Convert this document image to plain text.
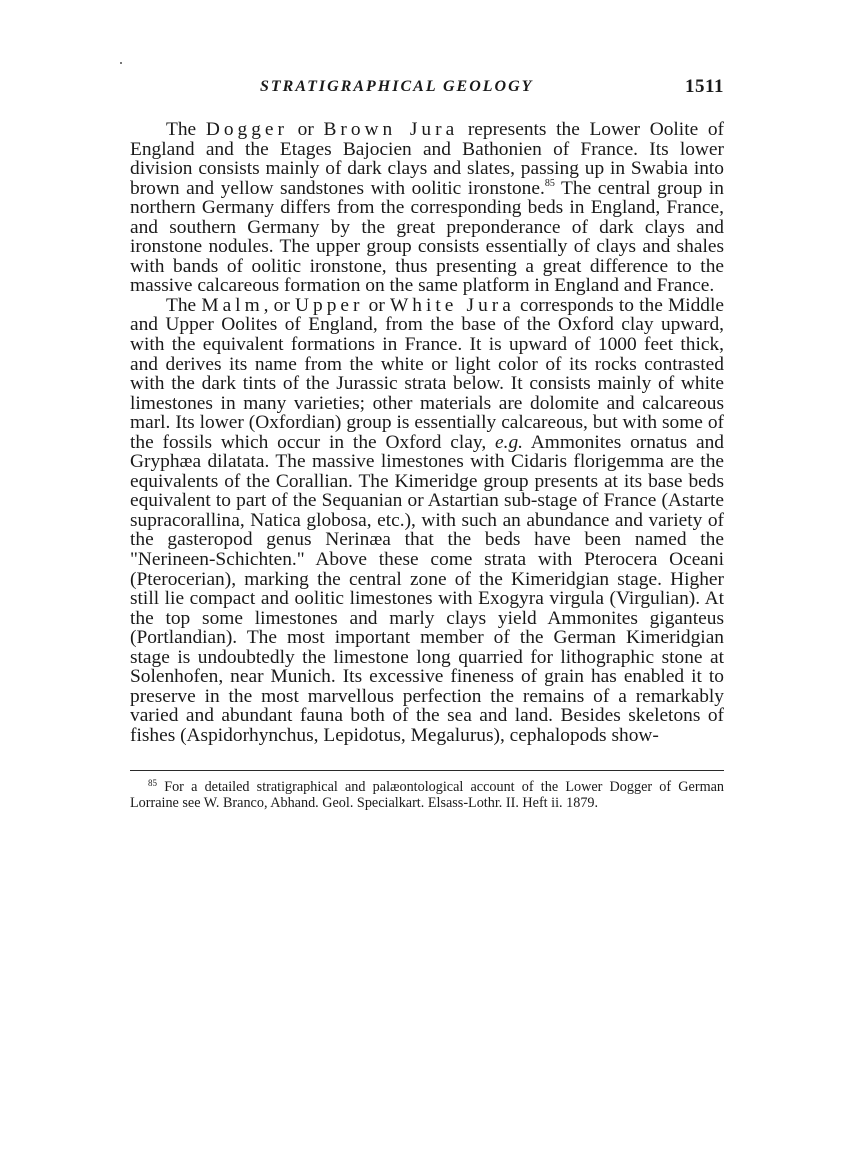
STRATIGRAPHICAL GEOLOGY	1511

The Dogger or Brown Jura represents the Lower Oolite of England and the Etages Bajocien and Bathonien of France. Its lower division consists mainly of dark clays and slates, passing up in Swabia into brown and yellow sandstones with oolitic ironstone.$^{85}$ The central group in northern Germany differs from the corresponding beds in England, France, and southern Germany by the great preponderance of dark clays and ironstone nodules. The upper group consists essentially of clays and shales with bands of oolitic ironstone, thus presenting a great difference to the massive calcareous formation on the same platform in England and France.

The Malm, or Upper or White Jura corresponds to the Middle and Upper Oolites of England, from the base of the Oxford clay upward, with the equivalent formations in France. It is upward of 1000 feet thick, and derives its name from the white or light color of its rocks contrasted with the dark tints of the Jurassic strata below. It consists mainly of white limestones in many varieties; other materials are dolomite and calcareous marl. Its lower (Oxfordian) group is essentially calcareous, but with some of the fossils which occur in the Oxford clay, e.g. Ammonites ornatus and Gryphæa dilatata. The massive limestones with Cidaris florigemma are the equivalents of the Corallian. The Kimeridge group presents at its base beds equivalent to part of the Sequanian or Astartian sub-stage of France (Astarte supracorallina, Natica globosa, etc.), with such an abundance and variety of the gasteropod genus Nerinæa that the beds have been named the "Nerineen-Schichten." Above these come strata with Pterocera Oceani (Pterocerian), marking the central zone of the Kimeridgian stage. Higher still lie compact and oolitic limestones with Exogyra virgula (Virgulian). At the top some limestones and marly clays yield Ammonites giganteus (Portlandian). The most important member of the German Kimeridgian stage is undoubtedly the limestone long quarried for lithographic stone at Solenhofen, near Munich. Its excessive fineness of grain has enabled it to preserve in the most marvellous perfection the remains of a remarkably varied and abundant fauna both of the sea and land. Besides skeletons of fishes (Aspidorhynchus, Lepidotus, Megalurus), cephalopods show-

$^{85}$ For a detailed stratigraphical and palæontological account of the Lower Dogger of German Lorraine see W. Branco, Abhand. Geol. Specialkart. Elsass-Lothr. II. Heft ii. 1879.
